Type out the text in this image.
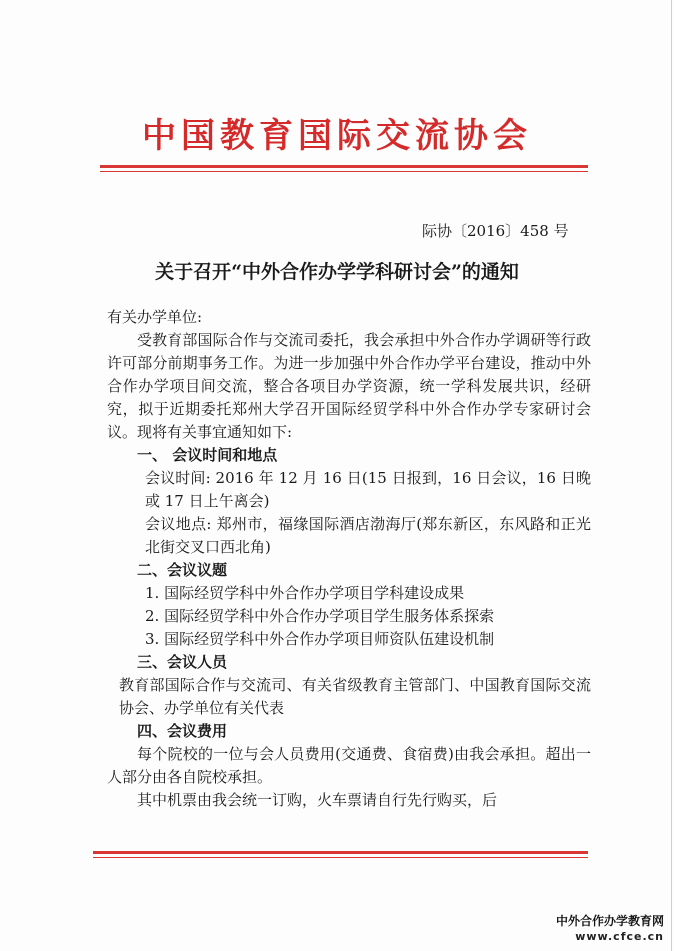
中国教育国际交流协会
际协〔2016〕458 号
关于召开“中外合作办学学科研讨会”的通知

有关办学单位:

受教育部国际合作与交流司委托，我会承担中外合作办学调研等行政许可部分前期事务工作。为进一步加强中外合作办学平台建设，推动中外合作办学项目间交流，整合各项目办学资源，统一学科发展共识，经研究，拟于近期委托郑州大学召开国际经贸学科中外合作办学专家研讨会议。现将有关事宜通知如下:

一、 会议时间和地点

会议时间: 2016 年 12 月 16 日(15 日报到，16 日会议，16 日晚或 17 日上午离会)

会议地点: 郑州市，福缘国际酒店渤海厅(郑东新区，东风路和正光北街交叉口西北角)

二、会议议题

1. 国际经贸学科中外合作办学项目学科建设成果

2. 国际经贸学科中外合作办学项目学生服务体系探索

3. 国际经贸学科中外合作办学项目师资队伍建设机制

三、会议人员

教育部国际合作与交流司、有关省级教育主管部门、中国教育国际交流协会、办学单位有关代表

四、会议费用

每个院校的一位与会人员费用(交通费、食宿费)由我会承担。超出一人部分由各自院校承担。

其中机票由我会统一订购，火车票请自行先行购买，后

中外合作办学教育网
www.cfce.cn
